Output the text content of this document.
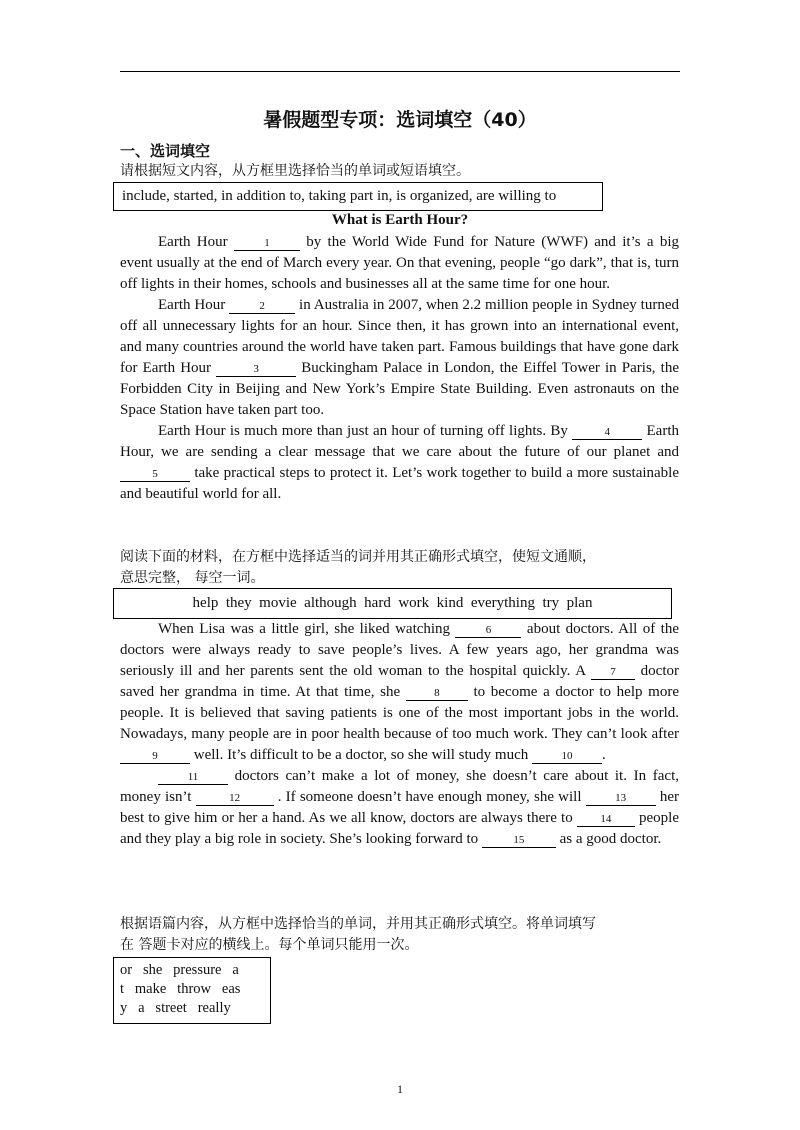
暑假题型专项：选词填空（40）
一、选词填空
请根据短文内容，从方框里选择恰当的单词或短语填空。
include, started, in addition to, taking part in, is organized, are willing to
What is Earth Hour?

Earth Hour	1 by the World Wide Fund for Nature (WWF) and it’s a big event usually at the end of March every year. On that evening, people “go dark”, that is, turn off lights in their homes, schools and businesses all at the same time for one hour.

Earth Hour	2 in Australia in 2007, when 2.2 million people in Sydney turned off all unnecessary lights for an hour. Since then, it has grown into an international event, and many countries around the world have taken part. Famous buildings that have gone dark for Earth Hour	3 Buckingham Palace in London, the Eiffel Tower in Paris, the Forbidden City in Beijing and New York’s Empire State Building. Even astronauts on the Space Station have taken part too.

Earth Hour is much more than just an hour of turning off lights. By	4 Earth Hour, we are sending a clear message that we care about the future of our planet and 5 take practical steps to protect it. Let’s work together to build a more sustainable and beautiful world for all.

阅读下面的材料，在方框中选择适当的词并用其正确形式填空，使短文通顺，
意思完整， 每空一词。
help  they  movie  although  hard  work  kind  everything  try  plan

When Lisa was a little girl, she liked watching	6 about doctors. All of the doctors were always ready to save people’s lives. A few years ago, her grandma was seriously ill and her parents sent the old woman to the hospital quickly. A 7 doctor saved her grandma in time. At that time, she	8 to become a doctor to help more people. It is believed that saving patients is one of the most important jobs in the world. Nowadays, many people are in poor health because of too much work. They can’t look after 9 well. It’s difficult to be a doctor, so she will study much	10 .

11 doctors can’t make a lot of money, she doesn’t care about it. In fact, money isn’t	12 . If someone doesn’t have enough money, she will	13 her best to give him or her a hand. As we all know, doctors are always there to 14 people and they play a big role in society. She’s looking forward to	15 as a good doctor.

根据语篇内容，从方框中选择恰当的单词，并用其正确形式填空。将单词填写
在 答题卡对应的横线上。每个单词只能用一次。
or   she   pressure   a
t   make   throw   eas
y   a   street   really
1
